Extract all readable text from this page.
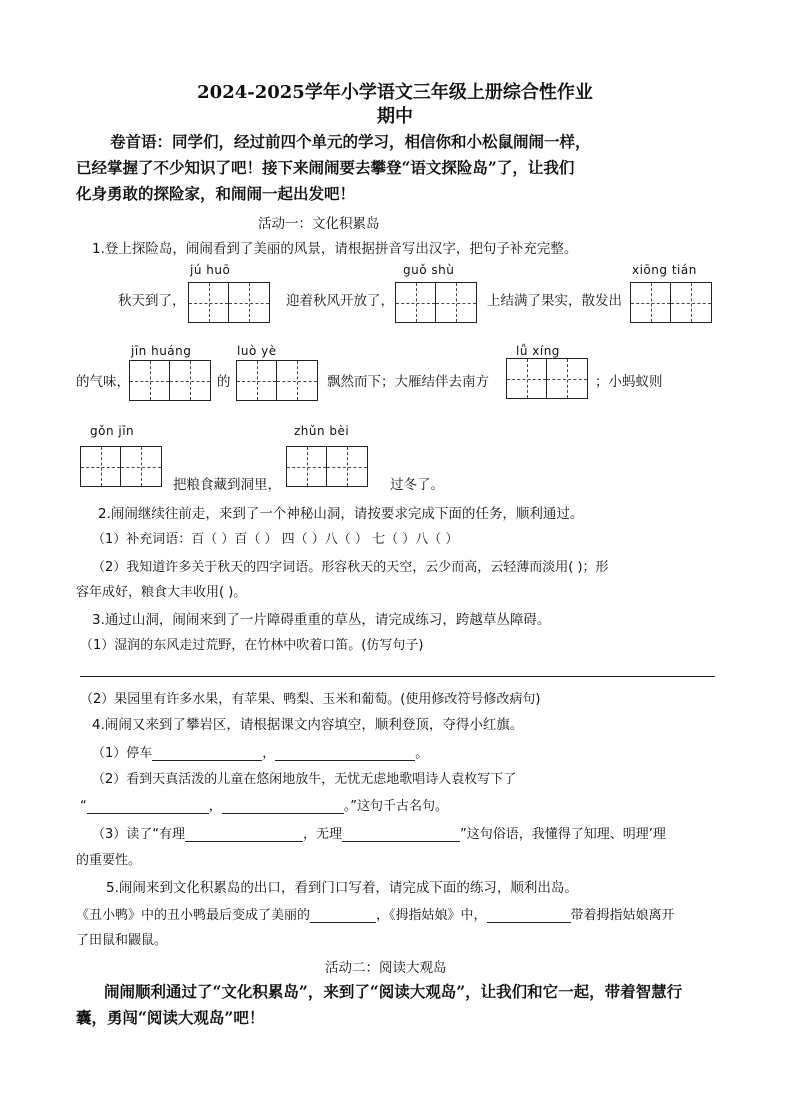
2024-2025学年小学语文三年级上册综合性作业
期中
卷首语：同学们，经过前四个单元的学习，相信你和小松鼠闹闹一样，
已经掌握了不少知识了吧！接下来闹闹要去攀登“语文探险岛”了，让我们
化身勇敢的探险家，和闹闹一起出发吧！
活动一：文化积累岛
1.登上探险岛，闹闹看到了美丽的风景，请根据拼音写出汉字，把句子补充完整。
jú huō	guǒ shù	xiōng tián
秋天到了，	迎着秋风开放了，	上结满了果实，散发出
jīn huáng	luò yè	lǚ xíng
的气味，	的	飘然而下；大雁结伴去南方	；小蚂蚁则
gǒn jīn	zhǔn bèi
把粮食藏到洞里，	过冬了。
2.闹闹继续往前走，来到了一个神秘山洞，请按要求完成下面的任务，顺利通过。
（1）补充词语：百（ ）百（ ） 四（ ）八（ ） 七（ ）八（ ）
（2）我知道许多关于秋天的四字词语。形容秋天的天空，云少而高，云轻薄而淡用( )；形
容年成好，粮食大丰收用( )。
3.通过山洞，闹闹来到了一片障碍重重的草丛，请完成练习，跨越草丛障碍。
（1）湿润的东风走过荒野，在竹林中吹着口笛。(仿写句子)
（2）果园里有许多水果，有苹果、鸭梨、玉米和葡萄。(使用修改符号修改病句)
4.闹闹又来到了攀岩区，请根据课文内容填空，顺利登顶，夺得小红旗。
（1）停车	，	。
（2）看到天真活泼的儿童在悠闲地放牛，无忧无虑地歌唱诗人袁枚写下了
“	，	。”这句千古名句。
（3）读了“有理	，无理	”这句俗语，我懂得了知理、明理’理
的重要性。
5.闹闹来到文化积累岛的出口，看到门口写着，请完成下面的练习，顺利出岛。
《丑小鸭》中的丑小鸭最后变成了美丽的	，《拇指姑娘》中，	带着拇指姑娘离开
了田鼠和鼹鼠。
活动二：阅读大观岛
闹闹顺利通过了“文化积累岛”，来到了“阅读大观岛”，让我们和它一起，带着智慧行
囊，勇闯“阅读大观岛”吧！
